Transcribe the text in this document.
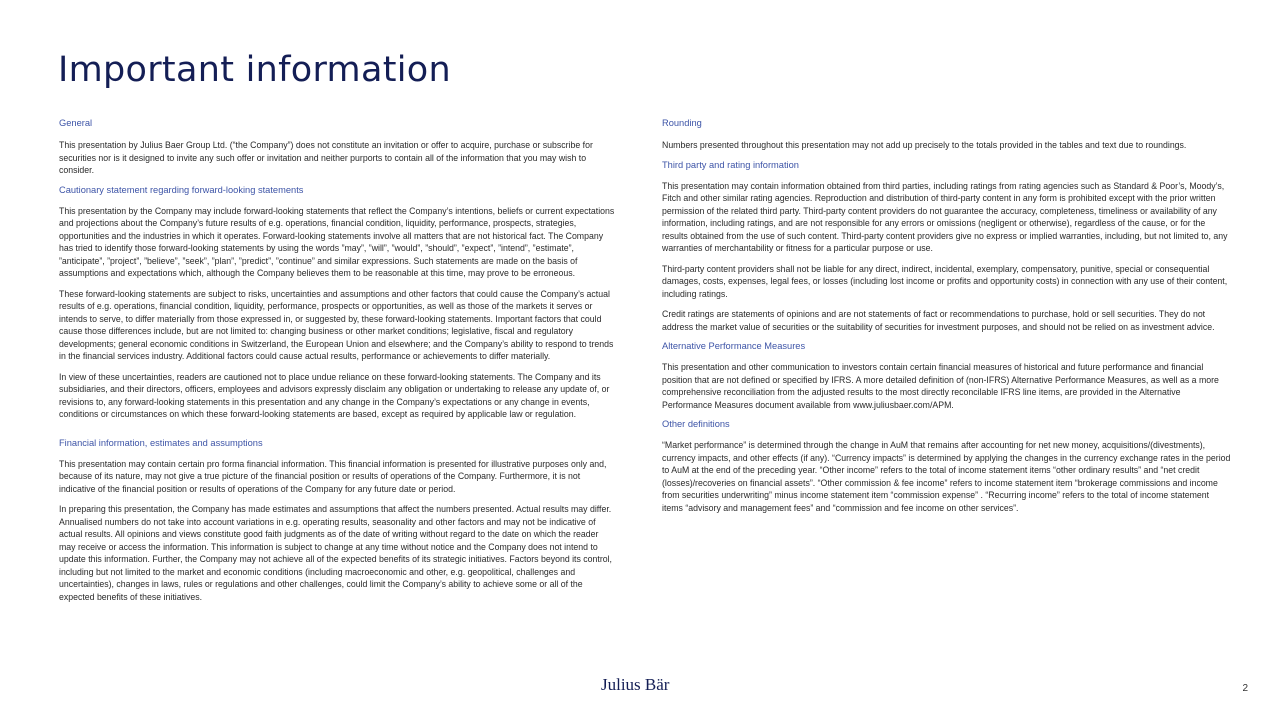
Important information
General

This presentation by Julius Baer Group Ltd. (“the Company”) does not constitute an invitation or offer to acquire, purchase or subscribe for securities nor is it designed to invite any such offer or invitation and neither purports to contain all of the information that you may wish to consider.

Cautionary statement regarding forward-looking statements

This presentation by the Company may include forward-looking statements that reflect the Company’s intentions, beliefs or current expectations and projections about the Company’s future results of e.g. operations, financial condition, liquidity, performance, prospects, strategies, opportunities and the industries in which it operates. Forward-looking statements involve all matters that are not historical fact. The Company has tried to identify those forward-looking statements by using the words ”may”, ”will”, ”would”, ”should”, ”expect”, ”intend”, ”estimate”, ”anticipate”, ”project”, ”believe”, ”seek”, ”plan”, ”predict”, ”continue” and similar expressions. Such statements are made on the basis of assumptions and expectations which, although the Company believes them to be reasonable at this time, may prove to be erroneous.

These forward-looking statements are subject to risks, uncertainties and assumptions and other factors that could cause the Company’s actual results of e.g. operations, financial condition, liquidity, performance, prospects or opportunities, as well as those of the markets it serves or intends to serve, to differ materially from those expressed in, or suggested by, these forward-looking statements. Important factors that could cause those differences include, but are not limited to: changing business or other market conditions; legislative, fiscal and regulatory developments; general economic conditions in Switzerland, the European Union and elsewhere; and the Company’s ability to respond to trends in the financial services industry. Additional factors could cause actual results, performance or achievements to differ materially.

In view of these uncertainties, readers are cautioned not to place undue reliance on these forward-looking statements. The Company and its subsidiaries, and their directors, officers, employees and advisors expressly disclaim any obligation or undertaking to release any update of, or revisions to, any forward-looking statements in this presentation and any change in the Company’s expectations or any change in events, conditions or circumstances on which these forward-looking statements are based, except as required by applicable law or regulation.

Financial information, estimates and assumptions

This presentation may contain certain pro forma financial information. This financial information is presented for illustrative purposes only and, because of its nature, may not give a true picture of the financial position or results of operations of the Company. Furthermore, it is not indicative of the financial position or results of operations of the Company for any future date or period.

In preparing this presentation, the Company has made estimates and assumptions that affect the numbers presented. Actual results may differ. Annualised numbers do not take into account variations in e.g. operating results, seasonality and other factors and may not be indicative of actual results. All opinions and views constitute good faith judgments as of the date of writing without regard to the date on which the reader may receive or access the information. This information is subject to change at any time without notice and the Company does not intend to update this information. Further, the Company may not achieve all of the expected benefits of its strategic initiatives. Factors beyond its control, including but not limited to the market and economic conditions (including macroeconomic and other, e.g. geopolitical, challenges and uncertainties), changes in laws, rules or regulations and other challenges, could limit the Company’s ability to achieve some or all of the expected benefits of these initiatives.

Rounding

Numbers presented throughout this presentation may not add up precisely to the totals provided in the tables and text due to roundings.

Third party and rating information

This presentation may contain information obtained from third parties, including ratings from rating agencies such as Standard & Poor’s, Moody’s, Fitch and other similar rating agencies. Reproduction and distribution of third-party content in any form is prohibited except with the prior written permission of the related third party. Third-party content providers do not guarantee the accuracy, completeness, timeliness or availability of any information, including ratings, and are not responsible for any errors or omissions (negligent or otherwise), regardless of the cause, or for the results obtained from the use of such content. Third-party content providers give no express or implied warranties, including, but not limited to, any warranties of merchantability or fitness for a particular purpose or use.

Third-party content providers shall not be liable for any direct, indirect, incidental, exemplary, compensatory, punitive, special or consequential damages, costs, expenses, legal fees, or losses (including lost income or profits and opportunity costs) in connection with any use of their content, including ratings.

Credit ratings are statements of opinions and are not statements of fact or recommendations to purchase, hold or sell securities. They do not address the market value of securities or the suitability of securities for investment purposes, and should not be relied on as investment advice.

Alternative Performance Measures

This presentation and other communication to investors contain certain financial measures of historical and future performance and financial position that are not defined or specified by IFRS. A more detailed definition of (non-IFRS) Alternative Performance Measures, as well as a more comprehensive reconciliation from the adjusted results to the most directly reconcilable IFRS line items, are provided in the Alternative Performance Measures document available from www.juliusbaer.com/APM.

Other definitions

“Market performance” is determined through the change in AuM that remains after accounting for net new money, acquisitions/(divestments), currency impacts, and other effects (if any). “Currency impacts” is determined by applying the changes in the currency exchange rates in the period to AuM at the end of the preceding year. “Other income” refers to the total of income statement items “other ordinary results” and “net credit (losses)/recoveries on financial assets”. “Other commission & fee income” refers to income statement item “brokerage commissions and income from securities underwriting” minus income statement item “commission expense” . “Recurring income” refers to the total of income statement items “advisory and management fees” and “commission and fee income on other services”.

Julius Bär	2
